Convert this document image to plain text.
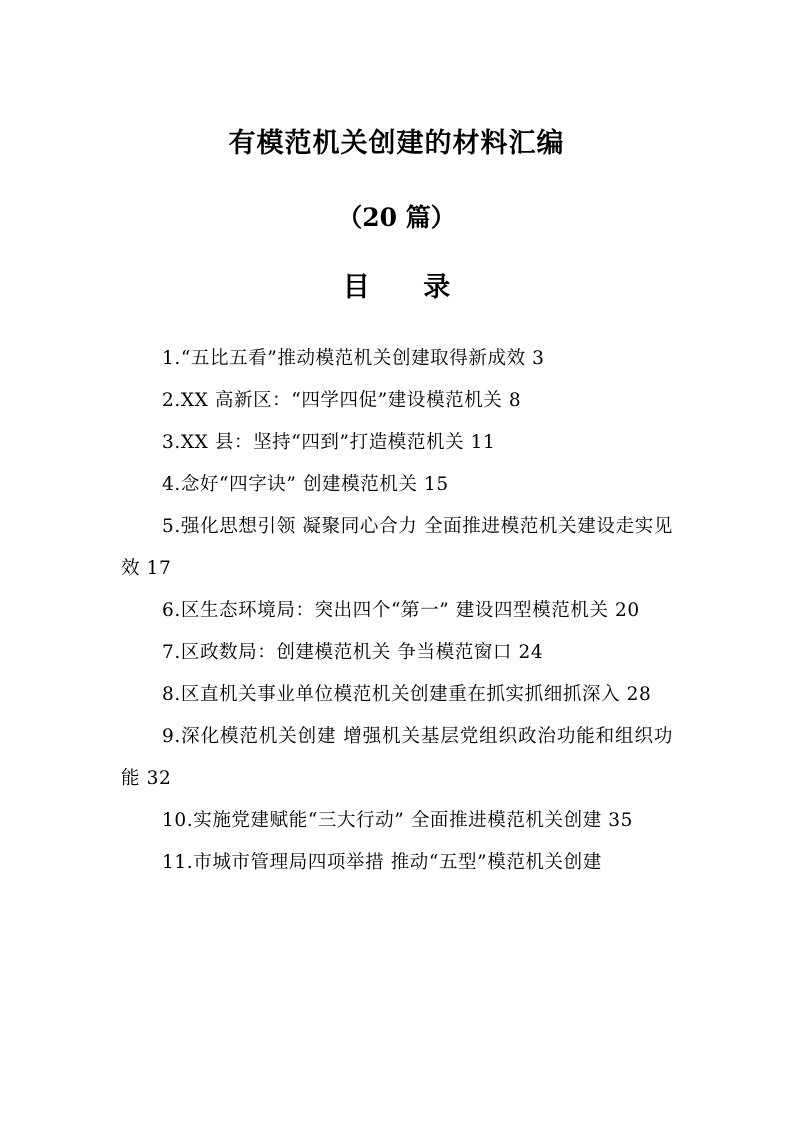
有模范机关创建的材料汇编
（20 篇）
目 录
1.“五比五看”推动模范机关创建取得新成效 3
2.XX 高新区：“四学四促”建设模范机关 8
3.XX 县：坚持“四到”打造模范机关 11
4.念好“四字诀” 创建模范机关 15
5.强化思想引领 凝聚同心合力 全面推进模范机关建设走实见效 17
6.区生态环境局：突出四个“第一” 建设四型模范机关 20
7.区政数局：创建模范机关 争当模范窗口 24
8.区直机关事业单位模范机关创建重在抓实抓细抓深入 28
9.深化模范机关创建 增强机关基层党组织政治功能和组织功能 32
10.实施党建赋能“三大行动” 全面推进模范机关创建 35
11.市城市管理局四项举措 推动“五型”模范机关创建
